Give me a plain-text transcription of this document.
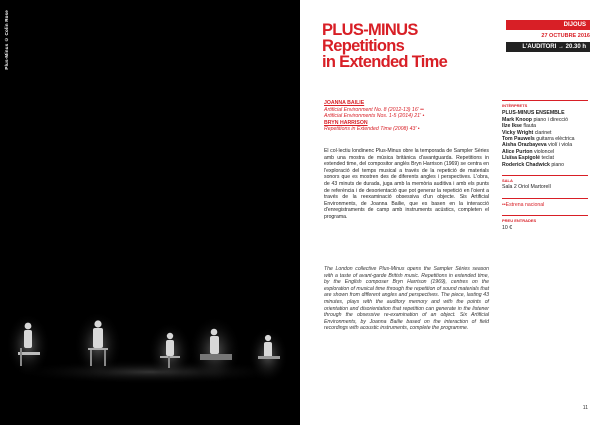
Plus-Minus © Colin Rose	PLUS-MINUS
Repetitions
in Extended Time
DIJOUS
27 OCTUBRE 2016
L'AUDITORI → 20.30 h
JOANNA BAILIE
Artificial Environment No. 8 (2012-13) 16' ••
Artificial Environments Nos. 1-5 (2014) 21' •
BRYN HARRISON
Repetitions in Extended Time (2008) 43' •

El col·lectiu londinenc Plus-Minus obre la temporada de Sampler Sèries amb una mostra de música britànica d'avantguarda. Repetitions in extended time, del compositor anglès Bryn Harrison (1969) se centra en l'exploració del temps musical a través de la repetició de materials sonors que es mostren des de diferents angles i perspectives. L'obra, de 43 minuts de durada, juga amb la memòria auditiva i amb els punts de referència i de desorientació que pot generar la repetició en l'oient a través de la reexaminació obsessiva d'un objecte. Sis Artificial Environments, de Joanna Bailie, que es basen en la interacció d'enregistraments de camp amb instruments acústics, completen el programa.

The London collective Plus-Minus opens the Sampler Sèries season with a taste of avant-garde British music. Repetitions in extended time, by the English composer Bryn Harrison (1969), centres on the exploration of musical time through the repetition of sound materials that are shown from different angles and perspectives. The piece, lasting 43 minutes, plays with the auditory memory and with the points of orientation and disorientation that repetition can generate in the listener through the obsessive re-examination of an object. Six Artificial Environments, by Joanna Bailie based on the interaction of field recordings with acoustic instruments, complete the programme.

INTÈRPRETS
PLUS-MINUS ENSEMBLE
Mark Knoop piano i direcció
Ilze Ikse flauta
Vicky Wright clarinet
Tom Pauwels guitarra elèctrica
Aisha Orazbayeva violí i viola
Alice Purton violoncel
Lluïsa Espigolé teclat
Roderick Chadwick piano
SALA
Sala 2 Oriol Martorell
••Estrena nacional
PREU ENTRADES
10 €
11
